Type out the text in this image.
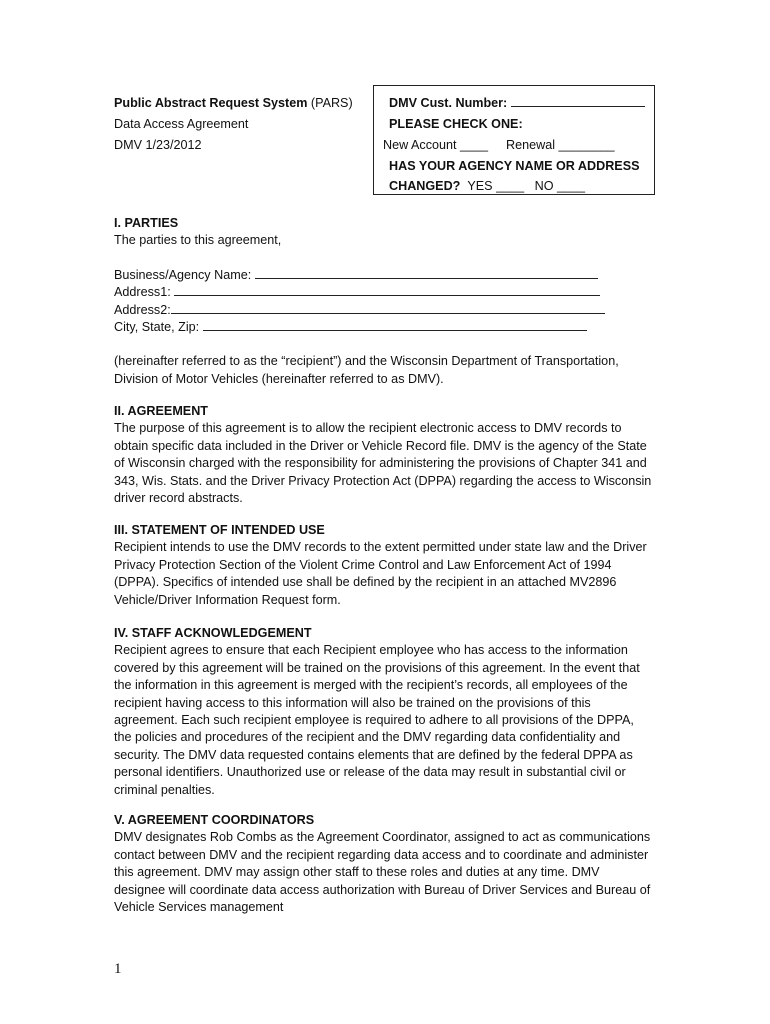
Public Abstract Request System (PARS)
Data Access Agreement
DMV 1/23/2012
DMV Cust. Number:
PLEASE CHECK ONE:
New Account ____ Renewal ________
HAS YOUR AGENCY NAME OR ADDRESS
CHANGED? YES ____ NO ____
I. PARTIES
The parties to this agreement,
Business/Agency Name:
Address1:
Address2:
City, State, Zip:
(hereinafter referred to as the “recipient”) and the Wisconsin Department of Transportation, Division of Motor Vehicles (hereinafter referred to as DMV).
II. AGREEMENT
The purpose of this agreement is to allow the recipient electronic access to DMV records to obtain specific data included in the Driver or Vehicle Record file. DMV is the agency of the State of Wisconsin charged with the responsibility for administering the provisions of Chapter 341 and 343, Wis. Stats. and the Driver Privacy Protection Act (DPPA) regarding the access to Wisconsin driver record abstracts.
III. STATEMENT OF INTENDED USE
Recipient intends to use the DMV records to the extent permitted under state law and the Driver Privacy Protection Section of the Violent Crime Control and Law Enforcement Act of 1994 (DPPA). Specifics of intended use shall be defined by the recipient in an attached MV2896 Vehicle/Driver Information Request form.
IV. STAFF ACKNOWLEDGEMENT
Recipient agrees to ensure that each Recipient employee who has access to the information covered by this agreement will be trained on the provisions of this agreement. In the event that the information in this agreement is merged with the recipient’s records, all employees of the recipient having access to this information will also be trained on the provisions of this agreement. Each such recipient employee is required to adhere to all provisions of the DPPA, the policies and procedures of the recipient and the DMV regarding data confidentiality and security. The DMV data requested contains elements that are defined by the federal DPPA as personal identifiers. Unauthorized use or release of the data may result in substantial civil or criminal penalties.
V. AGREEMENT COORDINATORS
DMV designates Rob Combs as the Agreement Coordinator, assigned to act as communications contact between DMV and the recipient regarding data access and to coordinate and administer this agreement. DMV may assign other staff to these roles and duties at any time. DMV designee will coordinate data access authorization with Bureau of Driver Services and Bureau of Vehicle Services management
1
